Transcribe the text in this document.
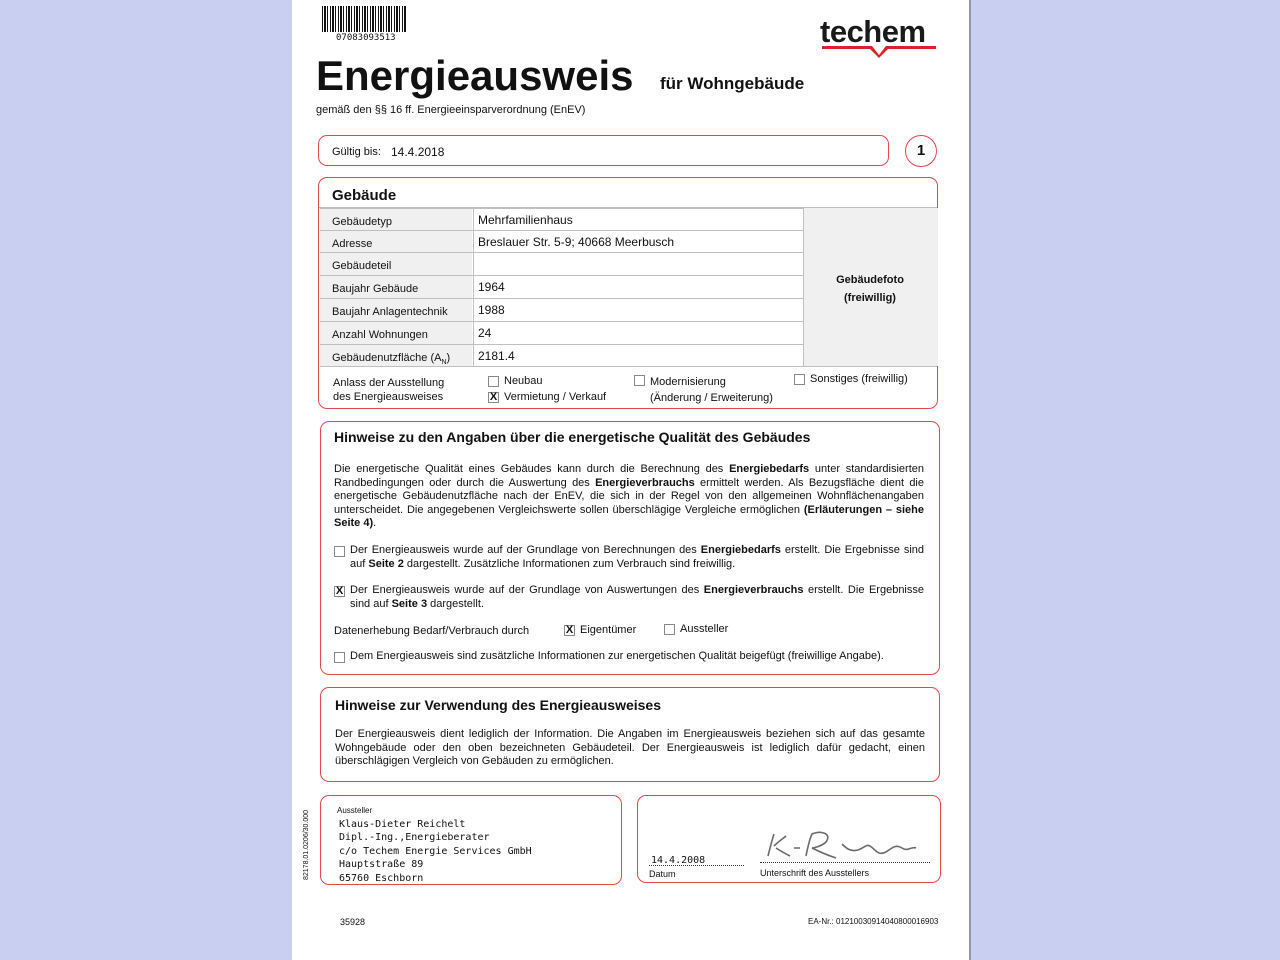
07083093513	techem
Energieausweis für Wohngebäude
gemäß den §§ 16 ff. Energieeinsparverordnung (EnEV)
Gültig bis: 14.4.2018	1
Gebäude
Gebäudetyp	Mehrfamilienhaus
Adresse	Breslauer Str. 5-9; 40668 Meerbusch
Gebäudeteil
Baujahr Gebäude	1964
Baujahr Anlagentechnik	1988
Anzahl Wohnungen	24
Gebäudenutzfläche $(A_N)$	2181.4
Gebäudefoto
(freiwillig)
Anlass der Ausstellung
des Energieausweises
Neubau
X Vermietung / Verkauf
Modernisierung
(Änderung / Erweiterung)
Sonstiges (freiwillig)
Hinweise zu den Angaben über die energetische Qualität des Gebäudes
Die energetische Qualität eines Gebäudes kann durch die Berechnung des Energiebedarfs unter standardisierten Randbedingungen oder durch die Auswertung des Energieverbrauchs ermittelt werden. Als Bezugsfläche dient die energetische Gebäudenutzfläche nach der EnEV, die sich in der Regel von den allgemeinen Wohnflächenangaben unterscheidet. Die angegebenen Vergleichswerte sollen überschlägige Vergleiche ermöglichen (Erläuterungen – siehe Seite 4).
Der Energieausweis wurde auf der Grundlage von Berechnungen des Energiebedarfs erstellt. Die Ergebnisse sind auf Seite 2 dargestellt. Zusätzliche Informationen zum Verbrauch sind freiwillig.
X Der Energieausweis wurde auf der Grundlage von Auswertungen des Energieverbrauchs erstellt. Die Ergebnisse sind auf Seite 3 dargestellt.
Datenerhebung Bedarf/Verbrauch durch	X Eigentümer	Aussteller
Dem Energieausweis sind zusätzliche Informationen zur energetischen Qualität beigefügt (freiwillige Angabe).
Hinweise zur Verwendung des Energieausweises
Der Energieausweis dient lediglich der Information. Die Angaben im Energieausweis beziehen sich auf das gesamte Wohngebäude oder den oben bezeichneten Gebäudeteil. Der Energieausweis ist lediglich dafür gedacht, einen überschlägigen Vergleich von Gebäuden zu ermöglichen.
Aussteller
Klaus-Dieter Reichelt
Dipl.-Ing.,Energieberater
c/o Techem Energie Services GmbH
Hauptstraße 89
65760 Eschborn
14.4.2008
Datum	Unterschrift des Ausstellers
82178.01.0206/30.000
35928	EA-Nr.: 012100309140408000169​03
